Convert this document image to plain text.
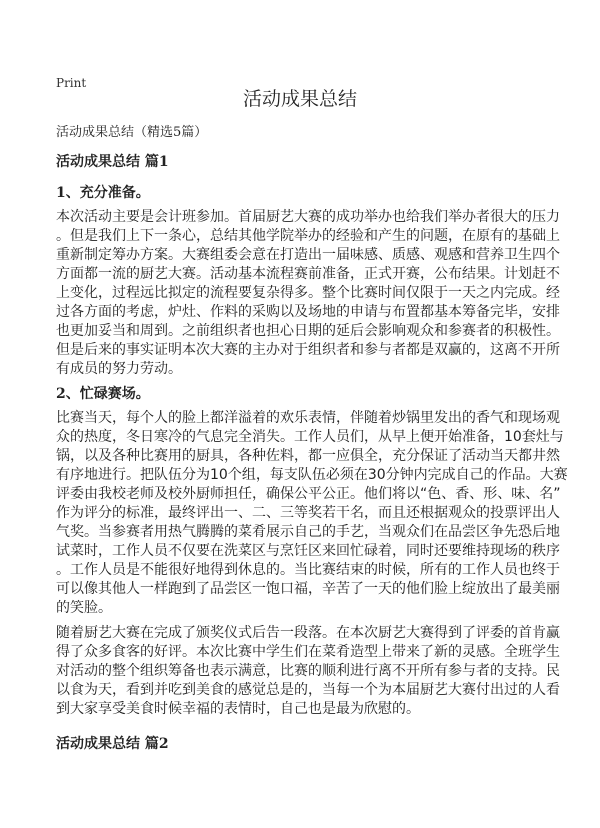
Print
活动成果总结
活动成果总结（精选5篇）
活动成果总结 篇1
1、充分准备。
本次活动主要是会计班参加。首届厨艺大赛的成功举办也给我们举办者很大的压力
。但是我们上下一条心，总结其他学院举办的经验和产生的问题，在原有的基础上
重新制定筹办方案。大赛组委会意在打造出一届味感、质感、观感和营养卫生四个
方面都一流的厨艺大赛。活动基本流程赛前准备，正式开赛，公布结果。计划赶不
上变化，过程远比拟定的流程要复杂得多。整个比赛时间仅限于一天之内完成。经
过各方面的考虑，炉灶、作料的采购以及场地的申请与布置都基本筹备完毕，安排
也更加妥当和周到。之前组织者也担心日期的延后会影响观众和参赛者的积极性。
但是后来的事实证明本次大赛的主办对于组织者和参与者都是双赢的，这离不开所
有成员的努力劳动。
2、忙碌赛场。
比赛当天，每个人的脸上都洋溢着的欢乐表情，伴随着炒锅里发出的香气和现场观
众的热度，冬日寒冷的气息完全消失。工作人员们，从早上便开始准备，10套灶与
锅，以及各种比赛用的厨具，各种佐料，都一应俱全，充分保证了活动当天都井然
有序地进行。把队伍分为10个组，每支队伍必须在30分钟内完成自己的作品。大赛
评委由我校老师及校外厨师担任，确保公平公正。他们将以“色、香、形、味、名”
作为评分的标准，最终评出一、二、三等奖若干名，而且还根据观众的投票评出人
气奖。当参赛者用热气腾腾的菜肴展示自己的手艺，当观众们在品尝区争先恐后地
试菜时，工作人员不仅要在洗菜区与烹饪区来回忙碌着，同时还要维持现场的秩序
。工作人员是不能很好地得到休息的。当比赛结束的时候，所有的工作人员也终于
可以像其他人一样跑到了品尝区一饱口福，辛苦了一天的他们脸上绽放出了最美丽
的笑脸。
随着厨艺大赛在完成了颁奖仪式后告一段落。在本次厨艺大赛得到了评委的首肯赢
得了众多食客的好评。本次比赛中学生们在菜肴造型上带来了新的灵感。全班学生
对活动的整个组织筹备也表示满意，比赛的顺利进行离不开所有参与者的支持。民
以食为天，看到并吃到美食的感觉总是的，当每一个为本届厨艺大赛付出过的人看
到大家享受美食时候幸福的表情时，自己也是最为欣慰的。
活动成果总结 篇2
